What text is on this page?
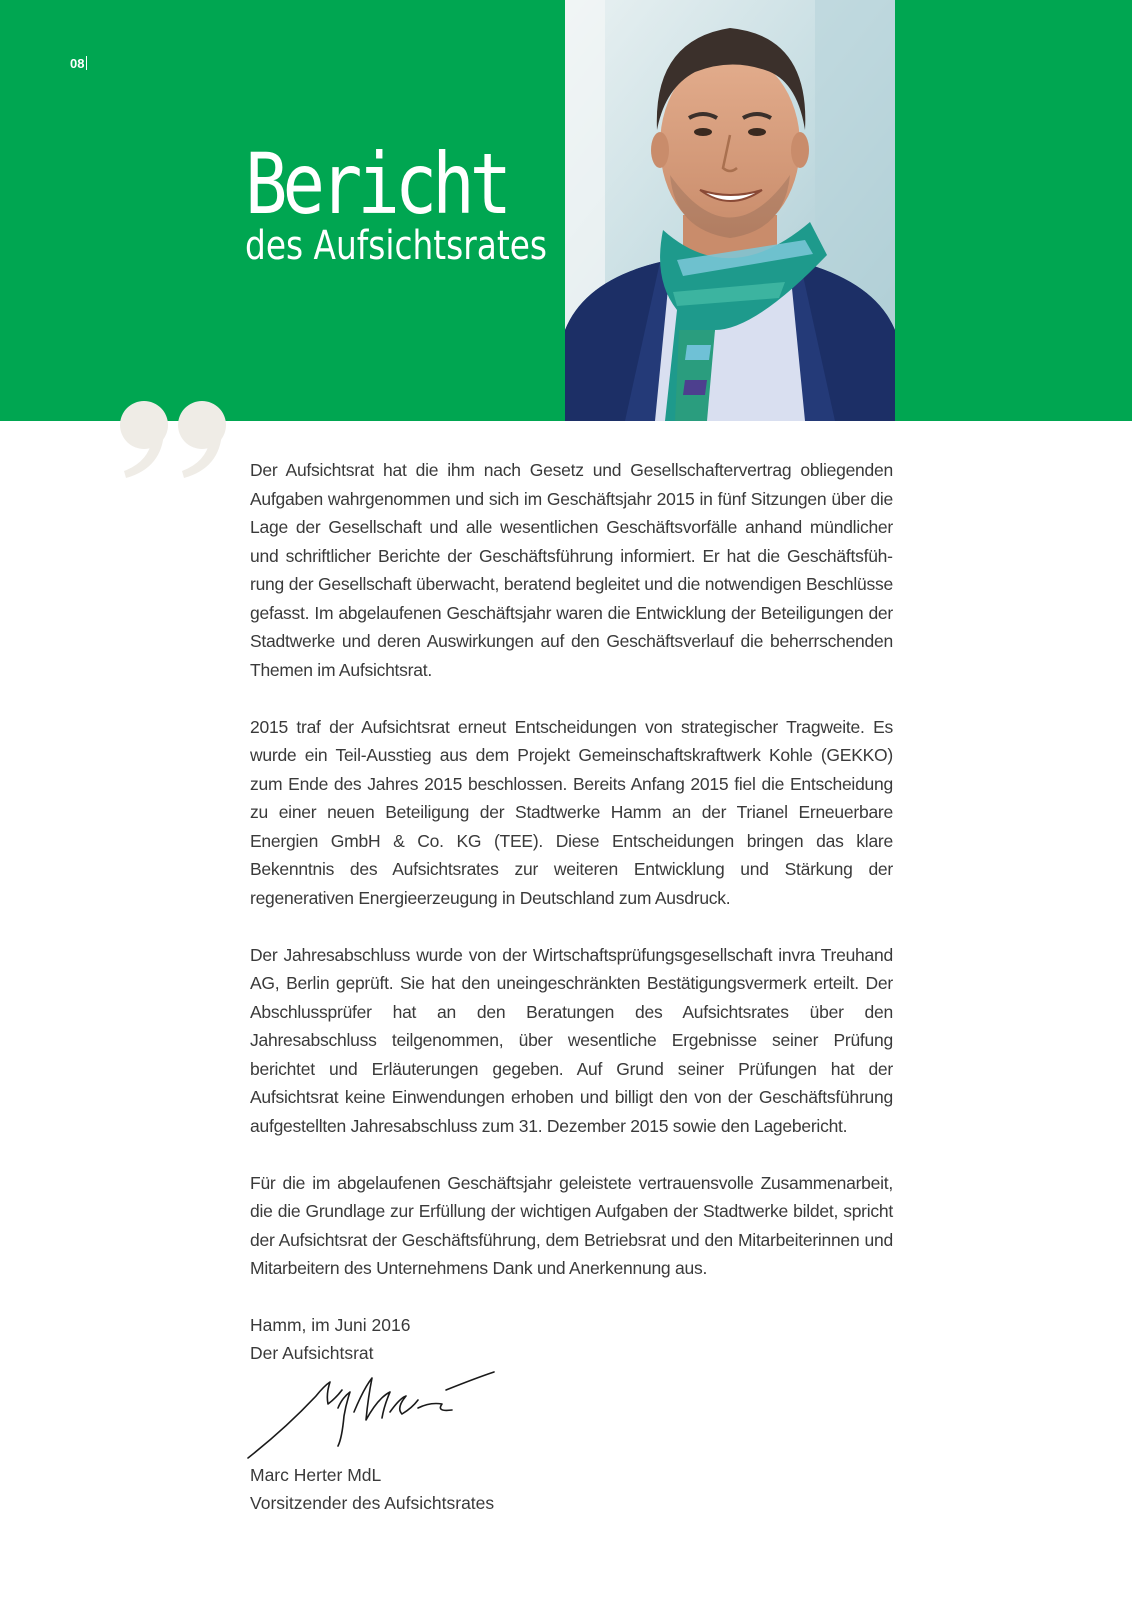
08
Bericht
des Aufsichtsrates

Der Aufsichtsrat hat die ihm nach Gesetz und Gesellschaftervertrag obliegenden Aufgaben wahrgenommen und sich im Geschäftsjahr 2015 in fünf Sitzungen über die Lage der Gesellschaft und alle wesentlichen Geschäftsvorfälle anhand mündlicher und schriftlicher Berichte der Geschäftsführung informiert. Er hat die Geschäftsführung der Gesellschaft überwacht, beratend begleitet und die notwendigen Beschlüsse gefasst. Im abgelaufenen Geschäftsjahr waren die Entwicklung der Beteiligungen der Stadtwerke und deren Auswirkungen auf den Geschäftsverlauf die beherrschenden Themen im Aufsichtsrat.

2015 traf der Aufsichtsrat erneut Entscheidungen von strategischer Tragweite. Es wurde ein Teil-Ausstieg aus dem Projekt Gemeinschaftskraftwerk Kohle (GEKKO) zum Ende des Jahres 2015 beschlossen. Bereits Anfang 2015 fiel die Entscheidung zu einer neuen Beteiligung der Stadtwerke Hamm an der Trianel Erneuerbare Energien GmbH & Co. KG (TEE). Diese Entscheidungen bringen das klare Bekenntnis des Aufsichtsrates zur weiteren Entwicklung und Stärkung der regenerativen Energieerzeugung in Deutschland zum Ausdruck.

Der Jahresabschluss wurde von der Wirtschaftsprüfungsgesellschaft invra Treuhand AG, Berlin geprüft. Sie hat den uneingeschränkten Bestätigungsvermerk erteilt. Der Abschlussprüfer hat an den Beratungen des Aufsichtsrates über den Jahresabschluss teilgenommen, über wesentliche Ergebnisse seiner Prüfung berichtet und Erläuterungen gegeben. Auf Grund seiner Prüfungen hat der Aufsichtsrat keine Einwendungen erhoben und billigt den von der Geschäftsführung aufgestellten Jahresabschluss zum 31. Dezember 2015 sowie den Lagebericht.

Für die im abgelaufenen Geschäftsjahr geleistete vertrauensvolle Zusammenarbeit, die die Grundlage zur Erfüllung der wichtigen Aufgaben der Stadtwerke bildet, spricht der Aufsichtsrat der Geschäftsführung, dem Betriebsrat und den Mitarbeiterinnen und Mitarbeitern des Unternehmens Dank und Anerkennung aus.

Hamm, im Juni 2016
Der Aufsichtsrat
Marc Herter MdL
Vorsitzender des Aufsichtsrates
